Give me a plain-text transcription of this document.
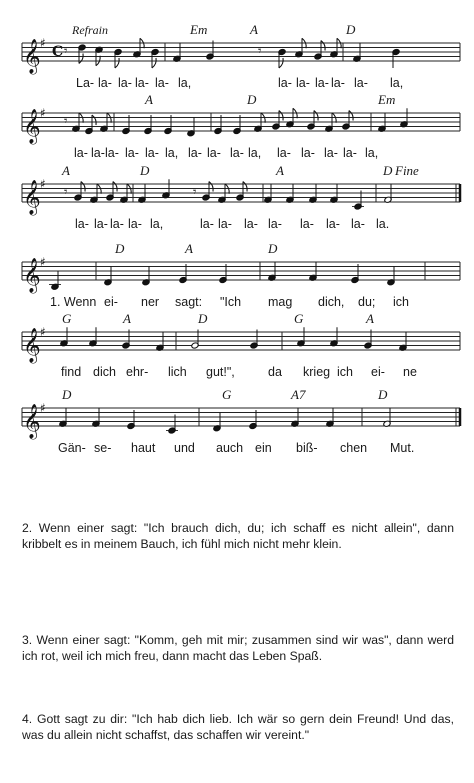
𝄞 ♯
C
Refrain
𝄾	𝄾
Em	A	D
La- la- la- la- la- la,	la- la- la- la- la- la,
𝄞 ♯
𝄾
A	D	Em
la- la- la- la- la- la, la- la- la- la, la- la- la- la- la,
𝄞 ♯
𝄾	𝄾
A	D	A	D Fine
la- la- la- la- la,	la- la- la- la- la- la- la- la.
𝄞 ♯
D	A	D
1. Wenn ei- ner sagt: "Ich mag dich, du; ich
𝄞 ♯
G	A	D	G	A
find dich ehr- lich gut!",	da krieg ich ei- ne
𝄞 ♯
D	G	A7	D
Gän- se- haut und auch ein biß- chen Mut.
2. Wenn einer sagt: "Ich brauch dich, du; ich schaff es nicht allein", dann kribbelt es in meinem Bauch, ich fühl mich nicht mehr klein.
3. Wenn einer sagt: "Komm, geh mit mir; zusammen sind wir was", dann werd ich rot, weil ich mich freu, dann macht das Leben Spaß.
4. Gott sagt zu dir: "Ich hab dich lieb. Ich wär so gern dein Freund! Und das, was du allein nicht schaffst, das schaffen wir vereint."
